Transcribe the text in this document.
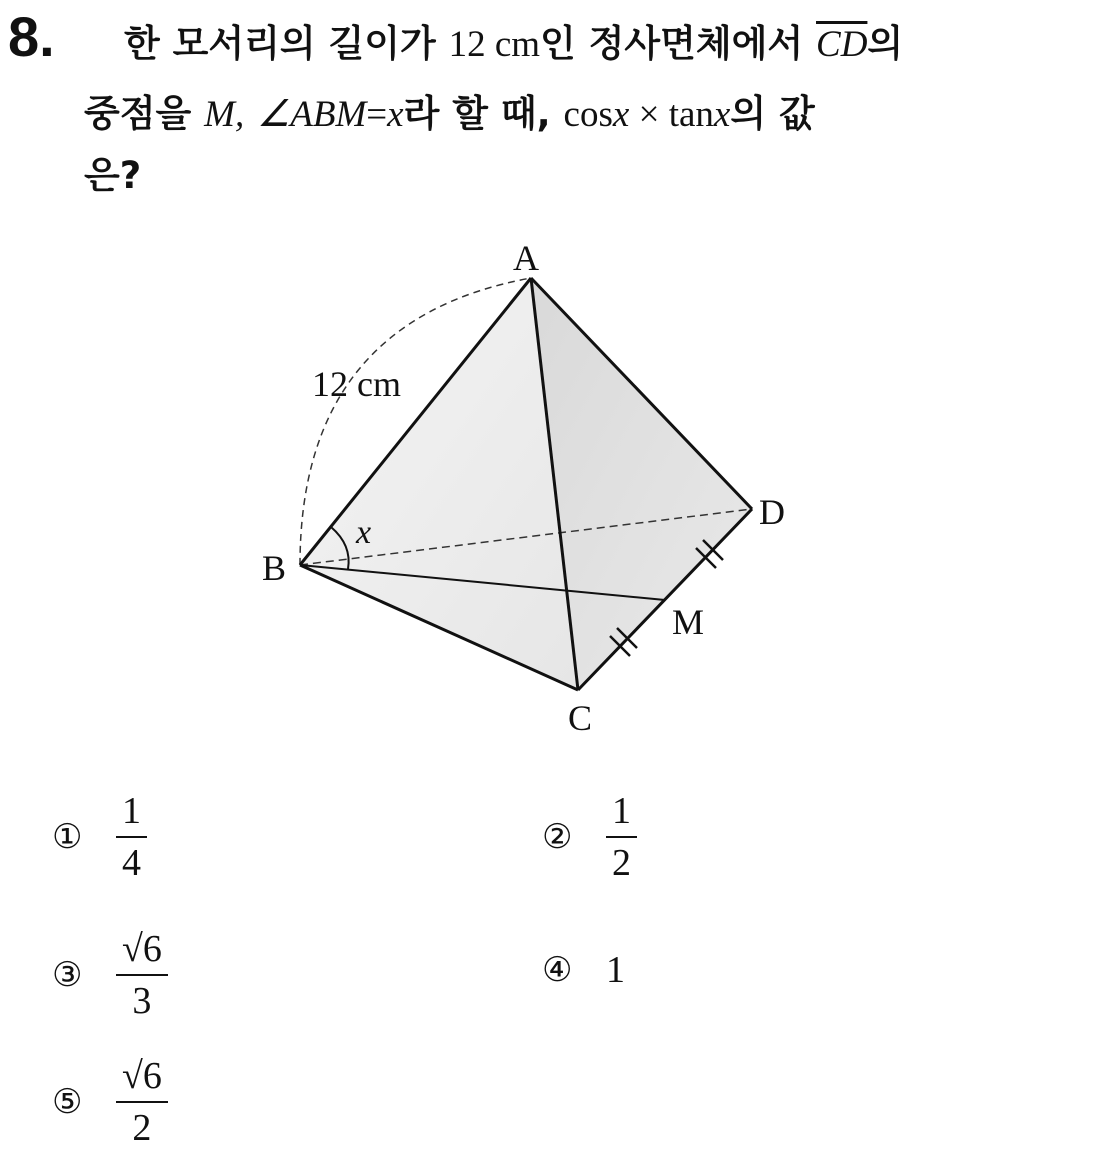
8. 한 모서리의 길이가 12 cm인 정사면체에서 $\overline{CD}$의
중점을 M, ∠ABM=x라 할 때, cosx × tanx의 값
은?
A
B
C
D
M
x
12 cm
① $\frac{1}{4}$	② $\frac{1}{2}$
③ $\frac{√6}{3}$	④ 1
⑤ $\frac{√6}{2}$
